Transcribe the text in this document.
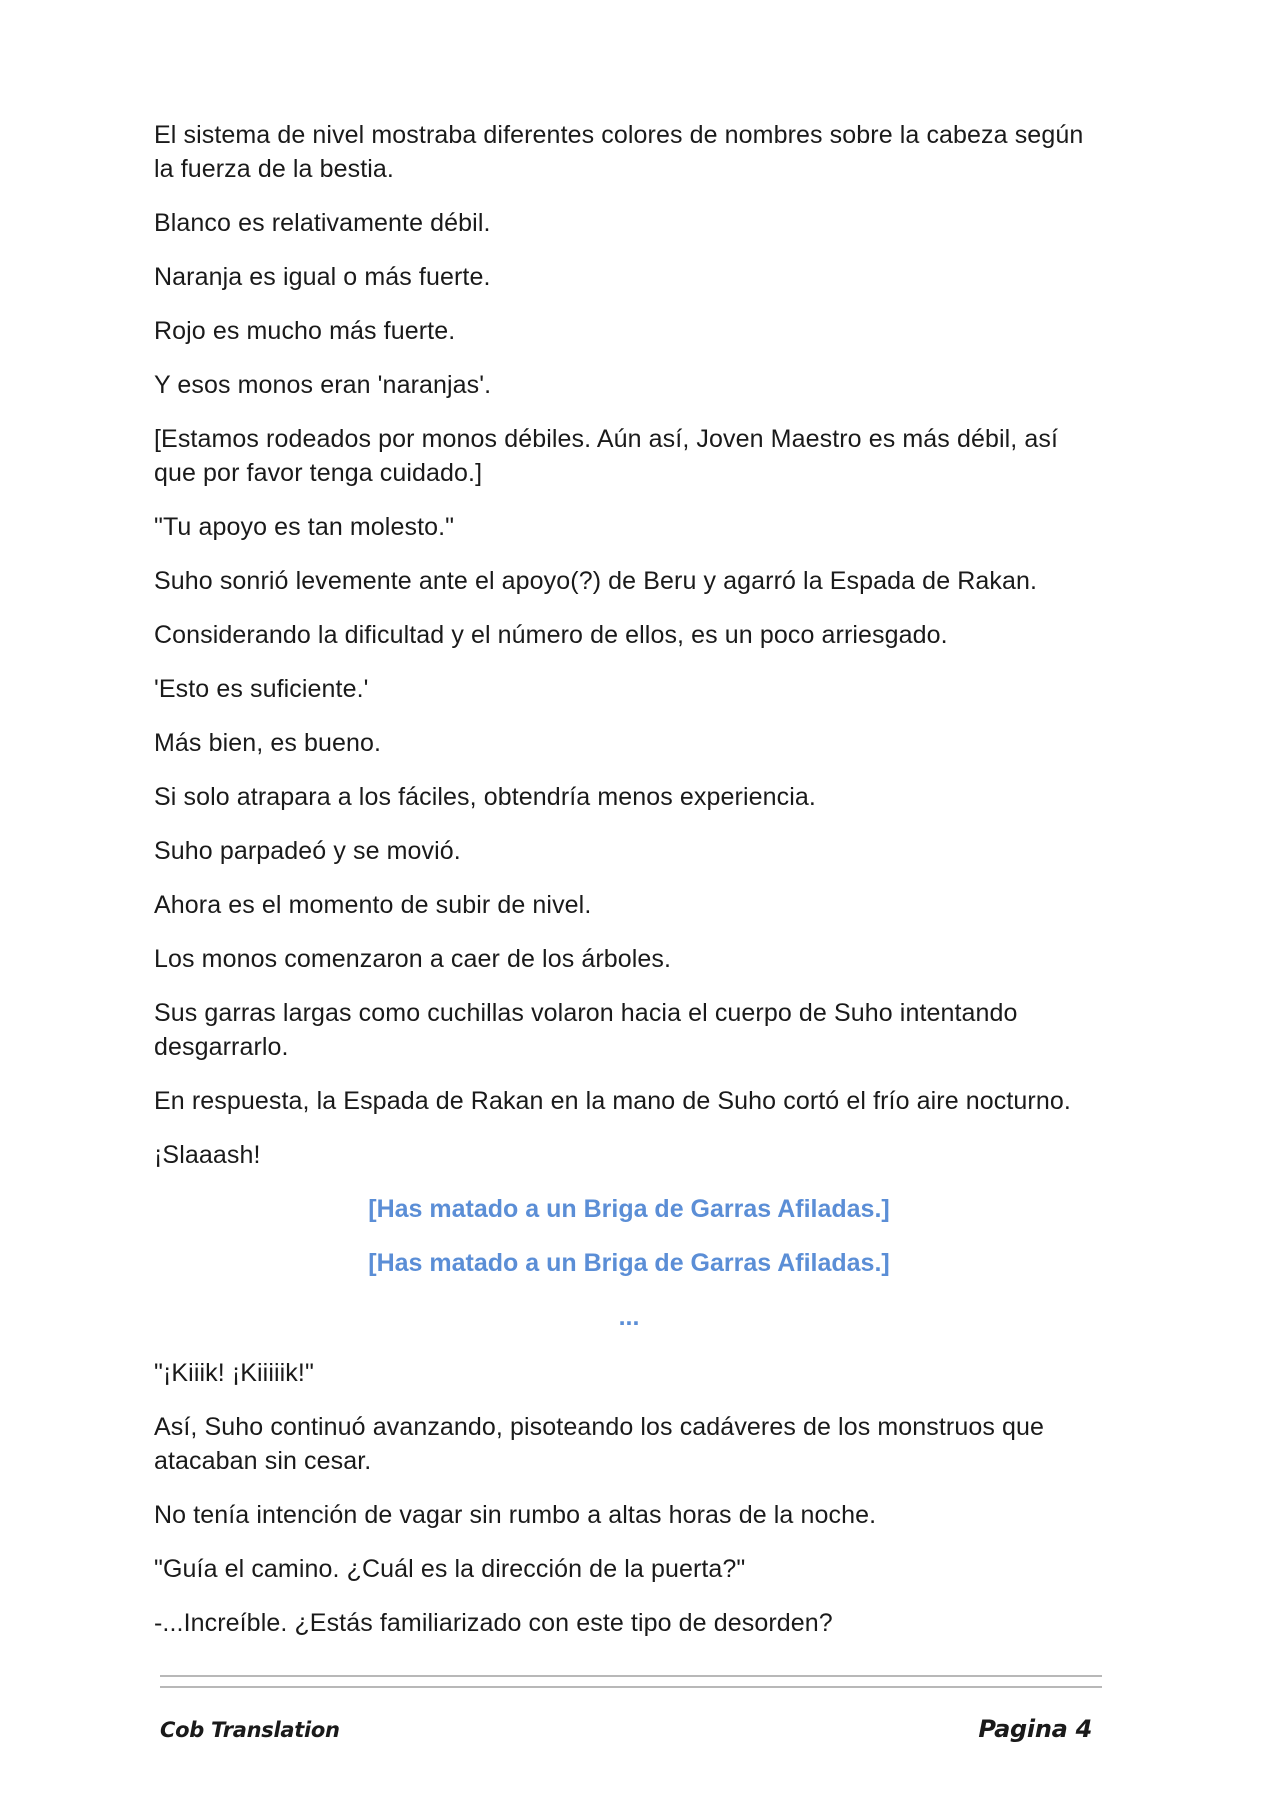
El sistema de nivel mostraba diferentes colores de nombres sobre la cabeza según la fuerza de la bestia.

Blanco es relativamente débil.

Naranja es igual o más fuerte.

Rojo es mucho más fuerte.

Y esos monos eran 'naranjas'.

[Estamos rodeados por monos débiles. Aún así, Joven Maestro es más débil, así que por favor tenga cuidado.]

"Tu apoyo es tan molesto."

Suho sonrió levemente ante el apoyo(?) de Beru y agarró la Espada de Rakan.

Considerando la dificultad y el número de ellos, es un poco arriesgado.

'Esto es suficiente.'

Más bien, es bueno.

Si solo atrapara a los fáciles, obtendría menos experiencia.

Suho parpadeó y se movió.

Ahora es el momento de subir de nivel.

Los monos comenzaron a caer de los árboles.

Sus garras largas como cuchillas volaron hacia el cuerpo de Suho intentando desgarrarlo.

En respuesta, la Espada de Rakan en la mano de Suho cortó el frío aire nocturno.

¡Slaaash!

[Has matado a un Briga de Garras Afiladas.]

[Has matado a un Briga de Garras Afiladas.]

...

"¡Kiiik! ¡Kiiiiik!"

Así, Suho continuó avanzando, pisoteando los cadáveres de los monstruos que atacaban sin cesar.

No tenía intención de vagar sin rumbo a altas horas de la noche.

"Guía el camino. ¿Cuál es la dirección de la puerta?"

-...Increíble. ¿Estás familiarizado con este tipo de desorden?

Cob Translation	Pagina 4
